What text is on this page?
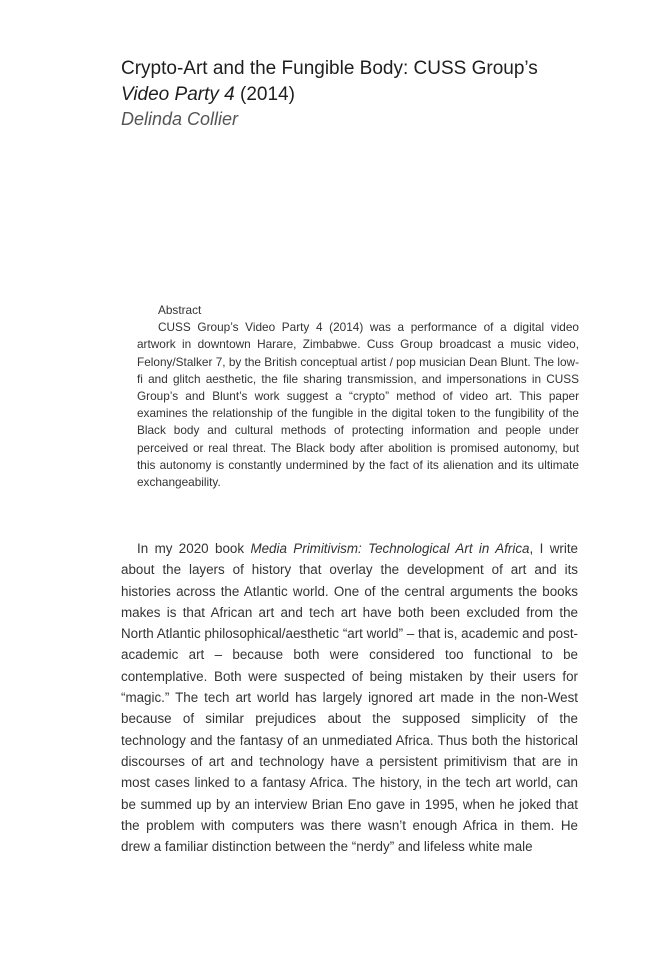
Crypto-Art and the Fungible Body: CUSS Group’s Video Party 4 (2014)
Delinda Collier
Abstract

CUSS Group’s Video Party 4 (2014) was a performance of a digital video artwork in downtown Harare, Zimbabwe. Cuss Group broadcast a music video, Felony/Stalker 7, by the British conceptual artist / pop musician Dean Blunt. The low-fi and glitch aesthetic, the file sharing transmission, and impersonations in CUSS Group’s and Blunt’s work suggest a “crypto” method of video art. This paper examines the relationship of the fungible in the digital token to the fungibility of the Black body and cultural methods of protecting information and people under perceived or real threat. The Black body after abolition is promised autonomy, but this autonomy is constantly undermined by the fact of its alienation and its ultimate exchangeability.

In my 2020 book Media Primitivism: Technological Art in Africa, I write about the layers of history that overlay the development of art and its histories across the Atlantic world. One of the central arguments the books makes is that African art and tech art have both been excluded from the North Atlantic philosophical/aesthetic “art world” – that is, academic and post-academic art – because both were considered too functional to be contemplative. Both were suspected of being mistaken by their users for “magic.” The tech art world has largely ignored art made in the non-West because of similar prejudices about the supposed simplicity of the technology and the fantasy of an unmediated Africa. Thus both the historical discourses of art and technology have a persistent primitivism that are in most cases linked to a fantasy Africa. The history, in the tech art world, can be summed up by an interview Brian Eno gave in 1995, when he joked that the problem with computers was there wasn’t enough Africa in them. He drew a familiar distinction between the “nerdy” and lifeless white male
